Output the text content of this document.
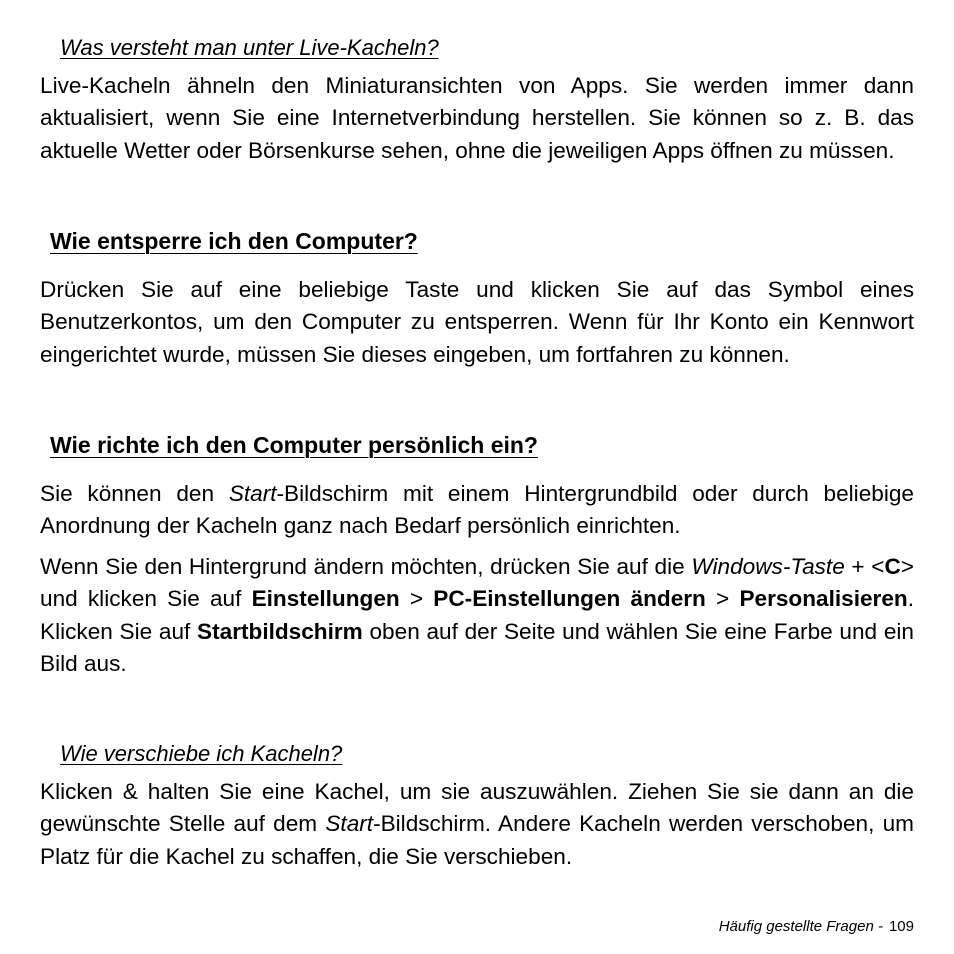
Was versteht man unter Live-Kacheln?

Live-Kacheln ähneln den Miniaturansichten von Apps. Sie werden immer dann aktualisiert, wenn Sie eine Internetverbindung herstellen. Sie können so z. B. das aktuelle Wetter oder Börsenkurse sehen, ohne die jeweiligen Apps öffnen zu müssen.

Wie entsperre ich den Computer?

Drücken Sie auf eine beliebige Taste und klicken Sie auf das Symbol eines Benutzerkontos, um den Computer zu entsperren. Wenn für Ihr Konto ein Kennwort eingerichtet wurde, müssen Sie dieses eingeben, um fortfahren zu können.

Wie richte ich den Computer persönlich ein?

Sie können den Start-Bildschirm mit einem Hintergrundbild oder durch beliebige Anordnung der Kacheln ganz nach Bedarf persönlich einrichten.

Wenn Sie den Hintergrund ändern möchten, drücken Sie auf die Windows-Taste + <C> und klicken Sie auf Einstellungen > PC-Einstellungen ändern > Personalisieren. Klicken Sie auf Startbildschirm oben auf der Seite und wählen Sie eine Farbe und ein Bild aus.

Wie verschiebe ich Kacheln?

Klicken & halten Sie eine Kachel, um sie auszuwählen. Ziehen Sie sie dann an die gewünschte Stelle auf dem Start-Bildschirm. Andere Kacheln werden verschoben, um Platz für die Kachel zu schaffen, die Sie verschieben.

Häufig gestellte Fragen - 109
